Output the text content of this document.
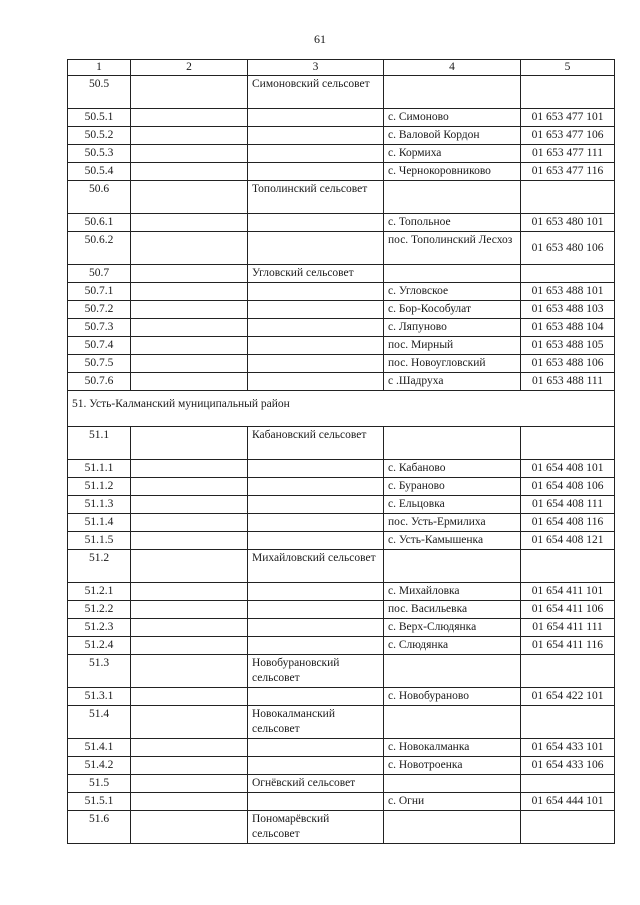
61
1	2	3	4	5
50.5		Симоновский сельсовет		
50.5.1			с. Симоново	01 653 477 101
50.5.2			с. Валовой Кордон	01 653 477 106
50.5.3			с. Кормиха	01 653 477 111
50.5.4			с. Чернокоровниково	01 653 477 116
50.6		Тополинский сельсовет		
50.6.1			с. Топольное	01 653 480 101
50.6.2			пос. Тополинский Лесхоз	01 653 480 106
50.7		Угловский сельсовет		
50.7.1			с. Угловское	01 653 488 101
50.7.2			с. Бор-Кособулат	01 653 488 103
50.7.3			с. Ляпуново	01 653 488 104
50.7.4			пос. Мирный	01 653 488 105
50.7.5			пос. Новоугловский	01 653 488 106
50.7.6			с .Шадруха	01 653 488 111
51. Усть-Калманский муниципальный район				
51.1		Кабановский сельсовет		
51.1.1			с. Кабаново	01 654 408 101
51.1.2			с. Бураново	01 654 408 106
51.1.3			с. Ельцовка	01 654 408 111
51.1.4			пос. Усть-Ермилиха	01 654 408 116
51.1.5			с. Усть-Камышенка	01 654 408 121
51.2		Михайловский сельсовет		
51.2.1			с. Михайловка	01 654 411 101
51.2.2			пос. Васильевка	01 654 411 106
51.2.3			с. Верх-Слюдянка	01 654 411 111
51.2.4			с. Слюдянка	01 654 411 116
51.3		Новобурановский сельсовет		
51.3.1			с. Новобураново	01 654 422 101
51.4		Новокалманский сельсовет		
51.4.1			с. Новокалманка	01 654 433 101
51.4.2			с. Новотроенка	01 654 433 106
51.5		Огнёвский сельсовет		
51.5.1			с. Огни	01 654 444 101
51.6		Пономарёвский сельсовет		
